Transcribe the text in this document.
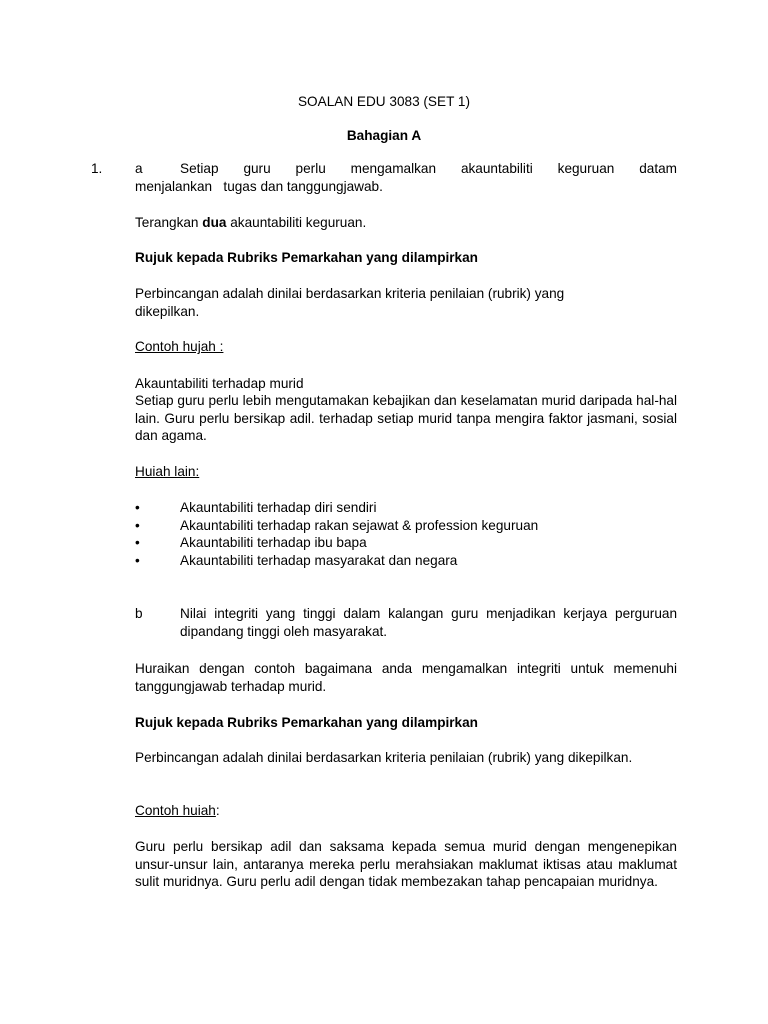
SOALAN EDU 3083 (SET 1)
Bahagian A
1. a	Setiap guru perlu mengamalkan akauntabiliti keguruan datam
menjalankan   tugas dan tanggungjawab.
Terangkan dua akauntabiliti keguruan.
Rujuk kepada Rubriks Pemarkahan yang dilampirkan
Perbincangan adalah dinilai berdasarkan kriteria penilaian (rubrik) yang dikepilkan.
Contoh hujah :
Akauntabiliti terhadap murid
Setiap guru perlu lebih mengutamakan kebajikan dan keselamatan murid daripada hal-hal lain. Guru perlu bersikap adil. terhadap setiap murid tanpa mengira faktor jasmani, sosial dan agama.
Huiah lain:
•	Akauntabiliti terhadap diri sendiri
•	Akauntabiliti terhadap rakan sejawat & profession keguruan
•	Akauntabiliti terhadap ibu bapa
•	Akauntabiliti terhadap masyarakat dan negara
b	Nilai integriti yang tinggi dalam kalangan guru menjadikan kerjaya perguruan dipandang tinggi oleh masyarakat.
Huraikan dengan contoh bagaimana anda mengamalkan integriti untuk memenuhi tanggungjawab terhadap murid.
Rujuk kepada Rubriks Pemarkahan yang dilampirkan
Perbincangan adalah dinilai berdasarkan kriteria penilaian (rubrik) yang dikepilkan.
Contoh huiah:
Guru perlu bersikap adil dan saksama kepada semua murid dengan mengenepikan unsur-unsur lain, antaranya mereka perlu merahsiakan maklumat iktisas atau maklumat sulit muridnya. Guru perlu adil dengan tidak membezakan tahap pencapaian muridnya.
